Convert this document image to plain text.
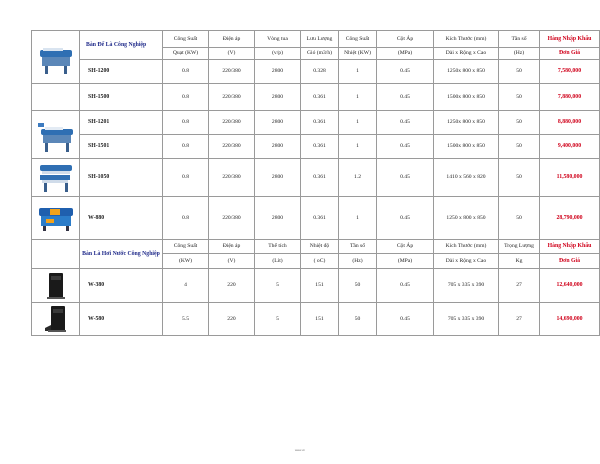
	Bàn Để Là Công Nghiệp	Công Suất	Điện áp	Vòng tua	Lưu Lượng	Công Suất	Cột Áp	Kích Thước (mm)	Tần số	Hàng Nhập Khẩu
		Quạt (KW)	(V)	(v/p)	Gió (m3/h)	Nhiệt (KW)	(MPa)	Dài x Rộng x Cao	(Hz)	Đơn Giá
	SH-1200	0.8	220/380	2800	0.328	1	0.45	1250x 800 x 850	50	7,580,000
	SH-1500	0.8	220/380	2800	0.361	1	0.45	1500x 800 x 850	50	7,880,000

	SH-1201	0.8	220/380	2800	0.361	1	0.45	1250x 800 x 850	50	8,880,000
	SH-1501	0.8	220/380	2800	0.361	1	0.45	1500x 800 x 850	50	9,400,000

	SH-1050	0.8	220/380	2800	0.361	1.2	0.45	1410 x 560 x 820	50	11,580,000

	W-880	0.8	220/380	2800	0.361	1	0.45	1250 x 800 x 850	50	28,790,000
	Bàn Là Hơi Nước Công Nghiệp	Công Suất	Điện áp	Thể tích	Nhiệt độ	Tần số	Cột Áp	Kích Thước (mm)	Trọng Lượng	Hàng Nhập Khẩu
		(KW)	(V)	(Lít)	( oC)	(Hz)	(MPa)	Dài x Rộng x Cao	Kg	Đơn Giá

	W-380	4	220	5	151	50	0.45	705 x 335 x 390	27	12,640,000

	W-580	5.5	220	5	151	50	0.45	705 x 335 x 390	27	14,690,000
www.vn
